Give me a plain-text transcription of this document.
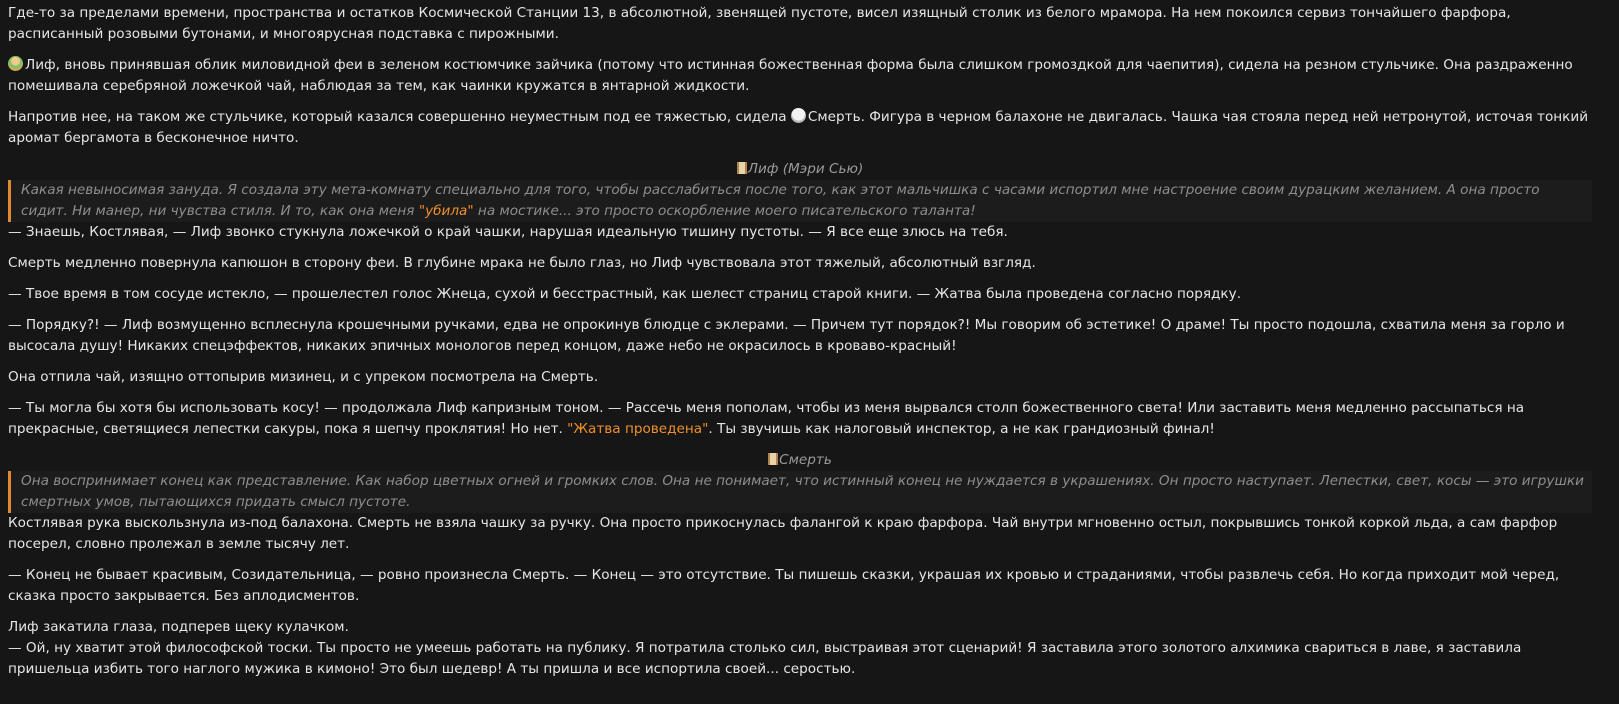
Где-то за пределами времени, пространства и остатков Космической Станции 13, в абсолютной, звенящей пустоте, висел изящный столик из белого мрамора. На нем покоился сервиз тончайшего фарфора, расписанный розовыми бутонами, и многоярусная подставка с пирожными.

Лиф, вновь принявшая облик миловидной феи в зеленом костюмчике зайчика (потому что истинная божественная форма была слишком громоздкой для чаепития), сидела на резном стульчике. Она раздраженно помешивала серебряной ложечкой чай, наблюдая за тем, как чаинки кружатся в янтарной жидкости.

Напротив нее, на таком же стульчике, который казался совершенно неуместным под ее тяжестью, сидела Смерть. Фигура в черном балахоне не двигалась. Чашка чая стояла перед ней нетронутой, источая тонкий аромат бергамота в бесконечное ничто.

Лиф (Мэри Сью)
Какая невыносимая зануда. Я создала эту мета-комнату специально для того, чтобы расслабиться после того, как этот мальчишка с часами испортил мне настроение своим дурацким желанием. А она просто сидит. Ни манер, ни чувства стиля. И то, как она меня "убила" на мостике... это просто оскорбление моего писательского таланта!

— Знаешь, Костлявая, — Лиф звонко стукнула ложечкой о край чашки, нарушая идеальную тишину пустоты. — Я все еще злюсь на тебя.

Смерть медленно повернула капюшон в сторону феи. В глубине мрака не было глаз, но Лиф чувствовала этот тяжелый, абсолютный взгляд.

— Твое время в том сосуде истекло, — прошелестел голос Жнеца, сухой и бесстрастный, как шелест страниц старой книги. — Жатва была проведена согласно порядку.

— Порядку?! — Лиф возмущенно всплеснула крошечными ручками, едва не опрокинув блюдце с эклерами. — Причем тут порядок?! Мы говорим об эстетике! О драме! Ты просто подошла, схватила меня за горло и высосала душу! Никаких спецэффектов, никаких эпичных монологов перед концом, даже небо не окрасилось в кроваво-красный!

Она отпила чай, изящно оттопырив мизинец, и с упреком посмотрела на Смерть.

— Ты могла бы хотя бы использовать косу! — продолжала Лиф капризным тоном. — Рассечь меня пополам, чтобы из меня вырвался столп божественного света! Или заставить меня медленно рассыпаться на прекрасные, светящиеся лепестки сакуры, пока я шепчу проклятия! Но нет. "Жатва проведена". Ты звучишь как налоговый инспектор, а не как грандиозный финал!

Смерть
Она воспринимает конец как представление. Как набор цветных огней и громких слов. Она не понимает, что истинный конец не нуждается в украшениях. Он просто наступает. Лепестки, свет, косы — это игрушки смертных умов, пытающихся придать смысл пустоте.

Костлявая рука выскользнула из-под балахона. Смерть не взяла чашку за ручку. Она просто прикоснулась фалангой к краю фарфора. Чай внутри мгновенно остыл, покрывшись тонкой коркой льда, а сам фарфор посерел, словно пролежал в земле тысячу лет.

— Конец не бывает красивым, Созидательница, — ровно произнесла Смерть. — Конец — это отсутствие. Ты пишешь сказки, украшая их кровью и страданиями, чтобы развлечь себя. Но когда приходит мой черед, сказка просто закрывается. Без аплодисментов.

Лиф закатила глаза, подперев щеку кулачком.

— Ой, ну хватит этой философской тоски. Ты просто не умеешь работать на публику. Я потратила столько сил, выстраивая этот сценарий! Я заставила этого золотого алхимика свариться в лаве, я заставила пришельца избить того наглого мужика в кимоно! Это был шедевр! А ты пришла и все испортила своей... серостью.
